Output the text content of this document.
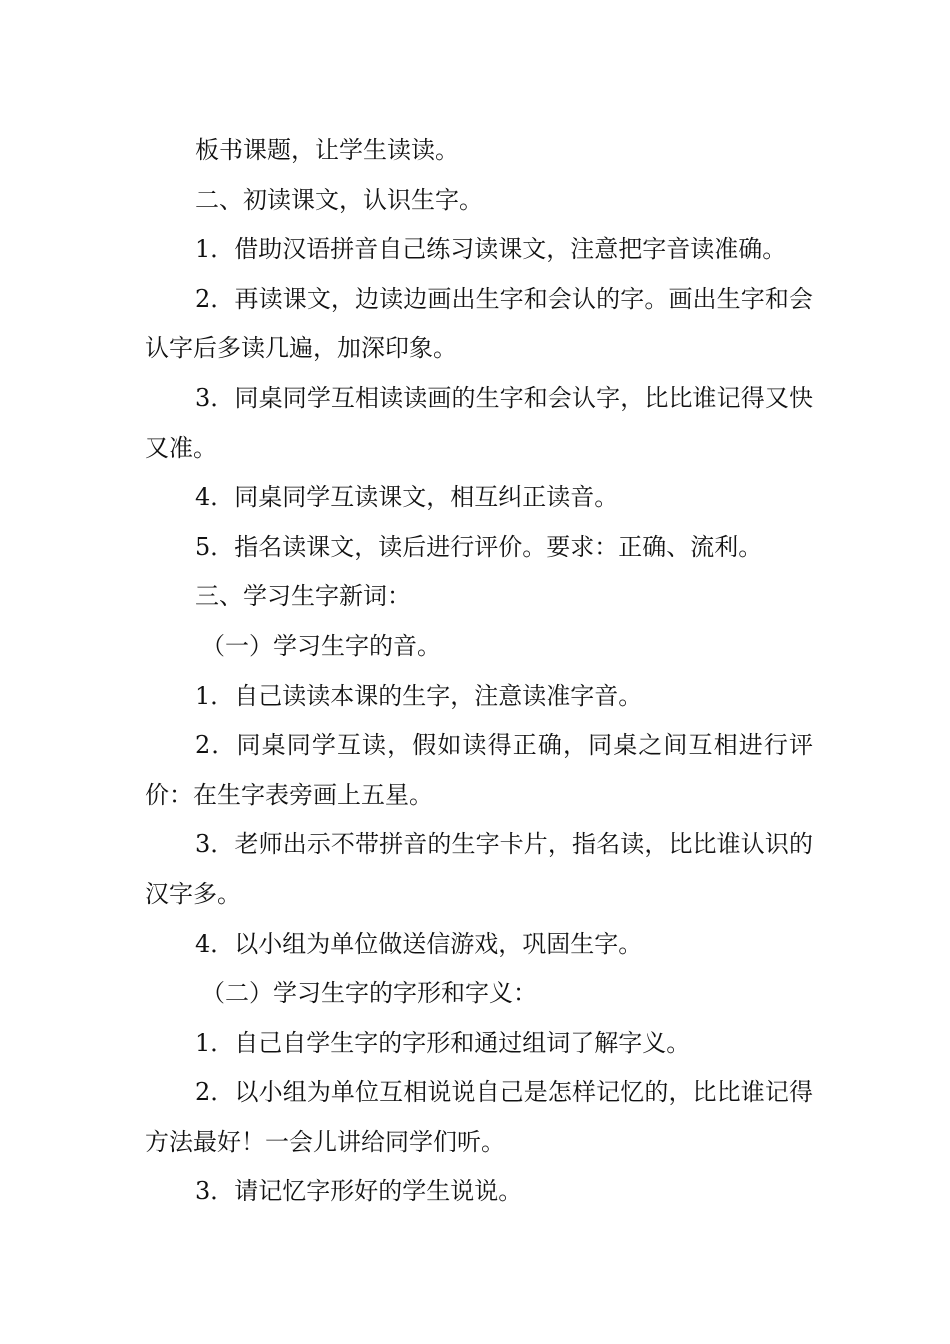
板书课题，让学生读读。

二、初读课文，认识生字。

1．借助汉语拼音自己练习读课文，注意把字音读准确。

2．再读课文，边读边画出生字和会认的字。画出生字和会认字后多读几遍，加深印象。

3．同桌同学互相读读画的生字和会认字，比比谁记得又快又准。

4．同桌同学互读课文，相互纠正读音。

5．指名读课文，读后进行评价。要求：正确、流利。

三、学习生字新词：

（一）学习生字的音。

1．自己读读本课的生字，注意读准字音。

2．同桌同学互读，假如读得正确，同桌之间互相进行评价：在生字表旁画上五星。

3．老师出示不带拼音的生字卡片，指名读，比比谁认识的汉字多。

4．以小组为单位做送信游戏，巩固生字。

（二）学习生字的字形和字义：

1．自己自学生字的字形和通过组词了解字义。

2．以小组为单位互相说说自己是怎样记忆的，比比谁记得方法最好！一会儿讲给同学们听。

3．请记忆字形好的学生说说。
